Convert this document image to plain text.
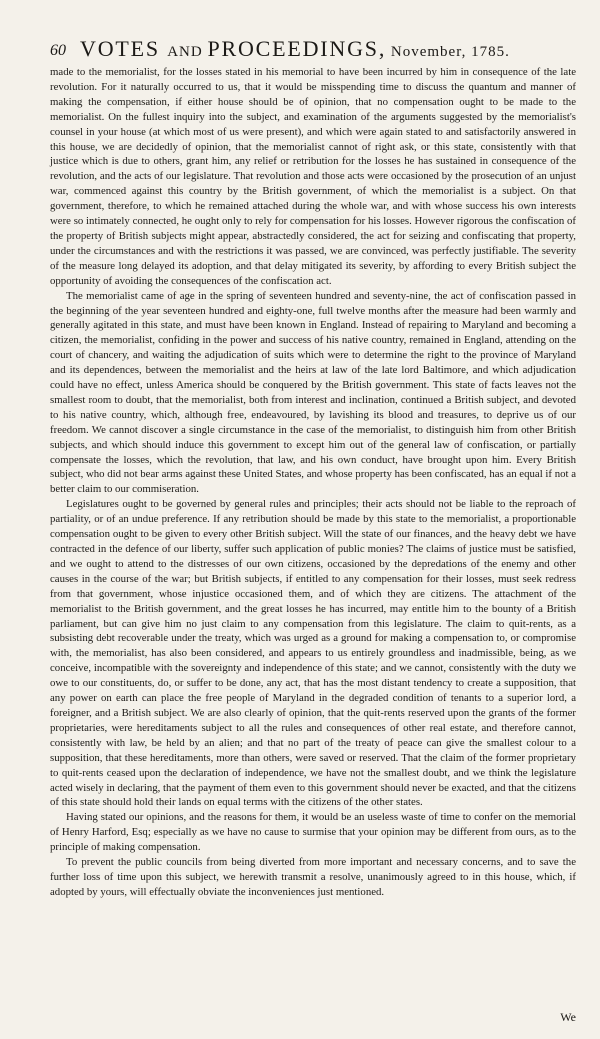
60 VOTES AND PROCEEDINGS, November, 1785.

made to the memorialist, for the losses stated in his memorial to have been incurred by him in consequence of the late revolution. For it naturally occurred to us, that it would be misspending time to discuss the quantum and manner of making the compensation, if either house should be of opinion, that no compensation ought to be made to the memorialist. On the fullest inquiry into the subject, and examination of the arguments suggested by the memorialist's counsel in your house (at which most of us were present), and which were again stated to and satisfactorily answered in this house, we are decidedly of opinion, that the memorialist cannot of right ask, or this state, consistently with that justice which is due to others, grant him, any relief or retribution for the losses he has sustained in consequence of the revolution, and the acts of our legislature. That revolution and those acts were occasioned by the prosecution of an unjust war, commenced against this country by the British government, of which the memorialist is a subject. On that government, therefore, to which he remained attached during the whole war, and with whose success his own interests were so intimately connected, he ought only to rely for compensation for his losses. However rigorous the confiscation of the property of British subjects might appear, abstractedly considered, the act for seizing and confiscating that property, under the circumstances and with the restrictions it was passed, we are convinced, was perfectly justifiable. The severity of the measure long delayed its adoption, and that delay mitigated its severity, by affording to every British subject the opportunity of avoiding the consequences of the confiscation act.

The memorialist came of age in the spring of seventeen hundred and seventy-nine, the act of confiscation passed in the beginning of the year seventeen hundred and eighty-one, full twelve months after the measure had been warmly and generally agitated in this state, and must have been known in England. Instead of repairing to Maryland and becoming a citizen, the memorialist, confiding in the power and success of his native country, remained in England, attending on the court of chancery, and waiting the adjudication of suits which were to determine the right to the province of Maryland and its dependences, between the memorialist and the heirs at law of the late lord Baltimore, and which adjudication could have no effect, unless America should be conquered by the British government. This state of facts leaves not the smallest room to doubt, that the memorialist, both from interest and inclination, continued a British subject, and devoted to his native country, which, although free, endeavoured, by lavishing its blood and treasures, to deprive us of our freedom. We cannot discover a single circumstance in the case of the memorialist, to distinguish him from other British subjects, and which should induce this government to except him out of the general law of confiscation, or partially compensate the losses, which the revolution, that law, and his own conduct, have brought upon him. Every British subject, who did not bear arms against these United States, and whose property has been confiscated, has an equal if not a better claim to our commiseration.

Legislatures ought to be governed by general rules and principles; their acts should not be liable to the reproach of partiality, or of an undue preference. If any retribution should be made by this state to the memorialist, a proportionable compensation ought to be given to every other British subject. Will the state of our finances, and the heavy debt we have contracted in the defence of our liberty, suffer such application of public monies? The claims of justice must be satisfied, and we ought to attend to the distresses of our own citizens, occasioned by the depredations of the enemy and other causes in the course of the war; but British subjects, if entitled to any compensation for their losses, must seek redress from that government, whose injustice occasioned them, and of which they are citizens. The attachment of the memorialist to the British government, and the great losses he has incurred, may entitle him to the bounty of a British parliament, but can give him no just claim to any compensation from this legislature. The claim to quit-rents, as a subsisting debt recoverable under the treaty, which was urged as a ground for making a compensation to, or compromise with, the memorialist, has also been considered, and appears to us entirely groundless and inadmissible, being, as we conceive, incompatible with the sovereignty and independence of this state; and we cannot, consistently with the duty we owe to our constituents, do, or suffer to be done, any act, that has the most distant tendency to create a supposition, that any power on earth can place the free people of Maryland in the degraded condition of tenants to a superior lord, a foreigner, and a British subject. We are also clearly of opinion, that the quit-rents reserved upon the grants of the former proprietaries, were hereditaments subject to all the rules and consequences of other real estate, and therefore cannot, consistently with law, be held by an alien; and that no part of the treaty of peace can give the smallest colour to a supposition, that these hereditaments, more than others, were saved or reserved. That the claim of the former proprietary to quit-rents ceased upon the declaration of independence, we have not the smallest doubt, and we think the legislature acted wisely in declaring, that the payment of them even to this government should never be exacted, and that the citizens of this state should hold their lands on equal terms with the citizens of the other states.

Having stated our opinions, and the reasons for them, it would be an useless waste of time to confer on the memorial of Henry Harford, Esq; especially as we have no cause to surmise that your opinion may be different from ours, as to the principle of making compensation.

To prevent the public councils from being diverted from more important and necessary concerns, and to save the further loss of time upon this subject, we herewith transmit a resolve, unanimously agreed to in this house, which, if adopted by yours, will effectually obviate the inconveniences just mentioned.

We
